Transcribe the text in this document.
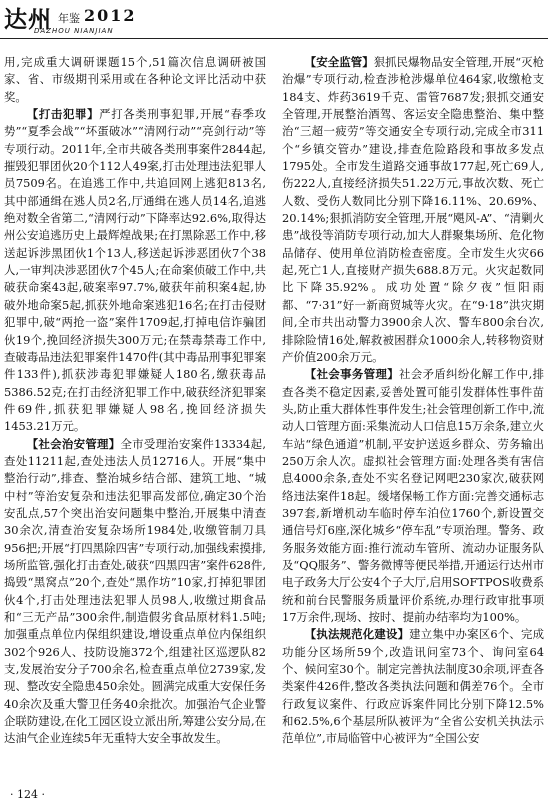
达州 年鉴 2012
DAZHOU NIANJIAN

用,完成重大调研课题15个,51篇次信息调研被国家、省、市级期刊采用或在各种论文评比活动中获奖。

【打击犯罪】严打各类刑事犯罪,开展“春季攻势”“夏季会战”“坏蛋破冰”“清网行动”“亮剑行动”等专项行动。2011年,全市共破各类刑事案件2844起,摧毁犯罪团伙20个112人49案,打击处理违法犯罪人员7509名。在追逃工作中,共追回网上逃犯813名,其中部通缉在逃人员2名,厅通缉在逃人员14名,追逃绝对数全省第二,“清网行动”下降率达92.6%,取得达州公安追逃历史上最辉煌战果;在打黑除恶工作中,移送起诉涉黑团伙1个13人,移送起诉涉恶团伙7个38人,一审判决涉恶团伙7个45人;在命案侦破工作中,共破获命案43起,破案率97.7%,破获年前积案4起,协破外地命案5起,抓获外地命案逃犯16名;在打击侵财犯罪中,破“两抢一盗”案件1709起,打掉电信诈骗团伙19个,挽回经济损失300万元;在禁毒禁毒工作中,查破毒品违法犯罪案件1470件(其中毒品刑事犯罪案件133件),抓获涉毒犯罪嫌疑人180名,缴获毒品5386.52克;在打击经济犯罪工作中,破获经济犯罪案件69件,抓获犯罪嫌疑人98名,挽回经济损失1453.21万元。

【社会治安管理】全市受理治安案件13334起,查处11211起,查处违法人员12716人。开展“集中整治行动”,排查、整治城乡结合部、建筑工地、“城中村”等治安复杂和违法犯罪高发部位,确定30个治安乱点,57个突出治安问题集中整治,开展集中清查30余次,清查治安复杂场所1984处,收缴管制刀具956把;开展“打四黑除四害”专项行动,加强线索摸排,场所监管,强化打击查处,破获“四黑四害”案件628件,捣毁“黑窝点”20个,查处“黑作坊”10家,打掉犯罪团伙4个,打击处理违法犯罪人员98人,收缴过期食品和“三无产品”300余件,制造假劣食品原材料1.5吨;加强重点单位内保组织建设,增设重点单位内保组织302个926人、技防设施372个,组建社区巡逻队82支,发展治安分子700余名,检查重点单位2739家,发现、整改安全隐患450余处。圆满完成重大安保任务40余次及重大警卫任务40余批次。加强治气企业警企联防建设,在化工园区设立派出所,筹建公安分局,在达油气企业连续5年无重特大安全事故发生。

【安全监管】狠抓民爆物品安全管理,开展“灭枪治爆”专项行动,检查涉枪涉爆单位464家,收缴枪支184支、炸药3619千克、雷管7687发;狠抓交通安全管理,开展整治酒驾、客运安全隐患整治、集中整治“三超一疲劳”等交通安全专项行动,完成全市311个“乡镇交管办”建设,排查危险路段和事故多发点1795处。全市发生道路交通事故177起,死亡69人,伤222人,直接经济损失51.22万元,事故次数、死亡人数、受伤人数同比分别下降16.11%、20.69%、20.14%;狠抓消防安全管理,开展“飓风-A”、“清剿火患”战役等消防专项行动,加大人群聚集场所、危化物品储存、使用单位消防检查密度。全市发生火灾66起,死亡1人,直接财产损失688.8万元。火灾起数同比下降35.92%。成功处置“除夕夜”恒阳雨都、“7·31”好一新商贸城等火灾。在“9·18”洪灾期间,全市共出动警力3900余人次、警车800余台次,排除险情16处,解救被困群众1000余人,转移物资财产价值200余万元。

【社会事务管理】社会矛盾纠纷化解工作中,排查各类不稳定因素,妥善处置可能引发群体性事件苗头,防止重大群体性事件发生;社会管理创新工作中,流动人口管理方面:采集流动人口信息15万余条,建立火车站“绿色通道”机制,平安护送返乡群众、劳务输出250万余人次。虚拟社会管理方面:处理各类有害信息4000余条,查处不实名登记网吧230家次,破获网络违法案件18起。缓堵保畅工作方面:完善交通标志397套,新增机动车临时停车泊位1760个,新设置交通信号灯6座,深化城乡“停车乱”专项治理。警务、政务服务效能方面:推行流动车管所、流动办证服务队及“QQ服务”、警务微博等便民举措,开通运行达州市电子政务大厅公安4个子大厅,启用SOFTPOS收费系统和前台民警服务质量评价系统,办理行政审批事项17万余件,现场、按时、提前办结率均为100%。

【执法规范化建设】建立集中办案区6个、完成功能分区场所59个,改造讯问室73个、询问室64个、候问室30个。制定完善执法制度30余项,评查各类案件426件,整改各类执法问题和偶差76个。全市行政复议案件、行政应诉案件同比分别下降12.5%和62.5%,6个基层所队被评为“全省公安机关执法示范单位”,市局临管中心被评为“全国公安

· 124 ·
